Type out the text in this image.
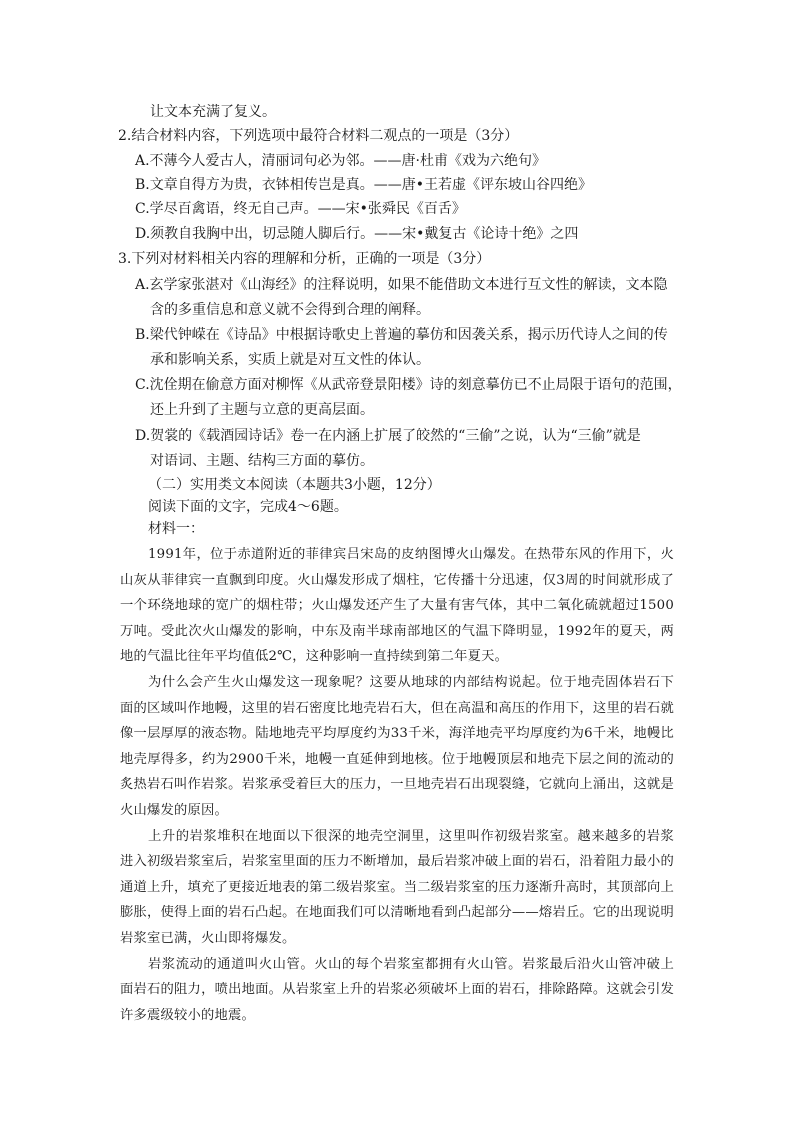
让文本充满了复义。
2.结合材料内容，下列选项中最符合材料二观点的一项是（3分）
A.不薄今人爱古人，清丽词句必为邻。——唐·杜甫《戏为六绝句》
B.文章自得方为贵，衣钵相传岂是真。——唐•王若虚《评东坡山谷四绝》
C.学尽百禽语，终无自己声。——宋•张舜民《百舌》
D.须教自我胸中出，切忌随人脚后行。——宋•戴复古《论诗十绝》之四
3.下列对材料相关内容的理解和分析，正确的一项是（3分）
A.玄学家张湛对《山海经》的注释说明，如果不能借助文本进行互文性的解读，文本隐
含的多重信息和意义就不会得到合理的阐释。
B.梁代钟嵘在《诗品》中根据诗歌史上普遍的摹仿和因袭关系，揭示历代诗人之间的传
承和影响关系，实质上就是对互文性的体认。
C.沈佺期在偷意方面对柳恽《从武帝登景阳楼》诗的刻意摹仿已不止局限于语句的范围，
还上升到了主题与立意的更高层面。
D.贺裳的《载酒园诗话》卷一在内涵上扩展了皎然的“三偷”之说，认为“三偷”就是
对语词、主题、结构三方面的摹仿。
（二）实用类文本阅读（本题共3小题，12分）
阅读下面的文字，完成4～6题。
材料一：

1991年，位于赤道附近的菲律宾吕宋岛的皮纳图博火山爆发。在热带东风的作用下，火山灰从菲律宾一直飘到印度。火山爆发形成了烟柱，它传播十分迅速，仅3周的时间就形成了一个环绕地球的宽广的烟柱带；火山爆发还产生了大量有害气体，其中二氧化硫就超过1500万吨。受此次火山爆发的影响，中东及南半球南部地区的气温下降明显，1992年的夏天，两地的气温比往年平均值低2℃，这种影响一直持续到第二年夏天。

为什么会产生火山爆发这一现象呢？这要从地球的内部结构说起。位于地壳固体岩石下面的区域叫作地幔，这里的岩石密度比地壳岩石大，但在高温和高压的作用下，这里的岩石就像一层厚厚的液态物。陆地地壳平均厚度约为33千米，海洋地壳平均厚度约为6千米，地幔比地壳厚得多，约为2900千米，地幔一直延伸到地核。位于地幔顶层和地壳下层之间的流动的炙热岩石叫作岩浆。岩浆承受着巨大的压力，一旦地壳岩石出现裂缝，它就向上涌出，这就是火山爆发的原因。

上升的岩浆堆积在地面以下很深的地壳空洞里，这里叫作初级岩浆室。越来越多的岩浆进入初级岩浆室后，岩浆室里面的压力不断增加，最后岩浆冲破上面的岩石，沿着阻力最小的通道上升，填充了更接近地表的第二级岩浆室。当二级岩浆室的压力逐渐升高时，其顶部向上膨胀，使得上面的岩石凸起。在地面我们可以清晰地看到凸起部分——熔岩丘。它的出现说明岩浆室已满，火山即将爆发。

岩浆流动的通道叫火山管。火山的每个岩浆室都拥有火山管。岩浆最后沿火山管冲破上面岩石的阻力，喷出地面。从岩浆室上升的岩浆必须破坏上面的岩石，排除路障。这就会引发许多震级较小的地震。
